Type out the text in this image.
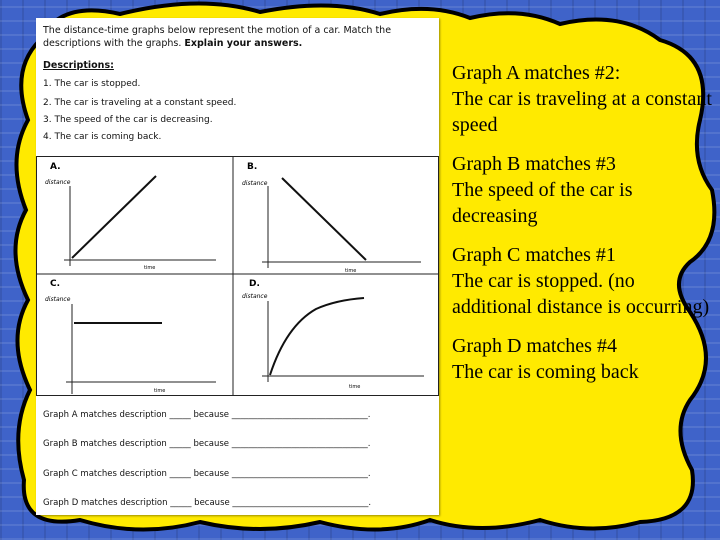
The distance-time graphs below represent the motion of a car. Match the descriptions with the graphs. Explain your answers.
Descriptions:
1. The car is stopped.
2. The car is traveling at a constant speed.
3. The speed of the car is decreasing.
4. The car is coming back.
A.
distance
time
B.
distance
time
C.
distance
time
D.
distance
time
Graph A matches description _____ because ________________________________.
Graph B matches description _____ because ________________________________.
Graph C matches description _____ because ________________________________.
Graph D matches description _____ because ________________________________.
Graph A matches #2:
The car is traveling at a constant speed
Graph B matches #3
The speed of the car is decreasing
Graph C matches #1
The car is stopped. (no additional distance is occurring)
Graph D matches #4
The car is coming back
